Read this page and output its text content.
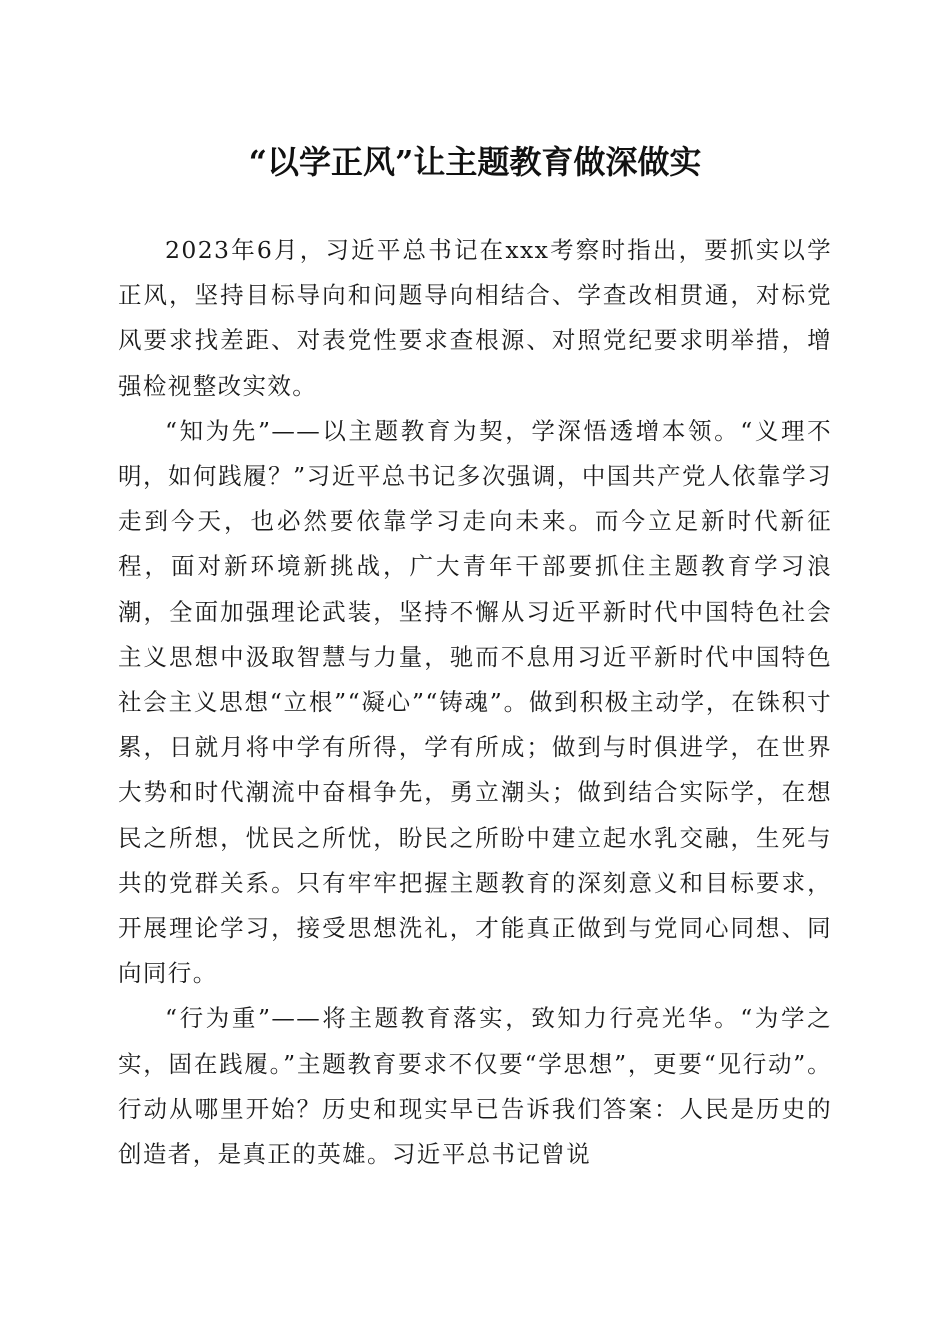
“以学正风”让主题教育做深做实

2023年6月，习近平总书记在xxx考察时指出，要抓实以学正风，坚持目标导向和问题导向相结合、学查改相贯通，对标党风要求找差距、对表党性要求查根源、对照党纪要求明举措，增强检视整改实效。

“知为先”——以主题教育为契，学深悟透增本领。“义理不明，如何践履？”习近平总书记多次强调，中国共产党人依靠学习走到今天，也必然要依靠学习走向未来。而今立足新时代新征程，面对新环境新挑战，广大青年干部要抓住主题教育学习浪潮，全面加强理论武装，坚持不懈从习近平新时代中国特色社会主义思想中汲取智慧与力量，驰而不息用习近平新时代中国特色社会主义思想“立根”“凝心”“铸魂”。做到积极主动学，在铢积寸累，日就月将中学有所得，学有所成；做到与时俱进学，在世界大势和时代潮流中奋楫争先，勇立潮头；做到结合实际学，在想民之所想，忧民之所忧，盼民之所盼中建立起水乳交融，生死与共的党群关系。只有牢牢把握主题教育的深刻意义和目标要求，开展理论学习，接受思想洗礼，才能真正做到与党同心同想、同向同行。

“行为重”——将主题教育落实，致知力行亮光华。“为学之实，固在践履。”主题教育要求不仅要“学思想”，更要“见行动”。行动从哪里开始？历史和现实早已告诉我们答案：人民是历史的创造者，是真正的英雄。习近平总书记曾说
